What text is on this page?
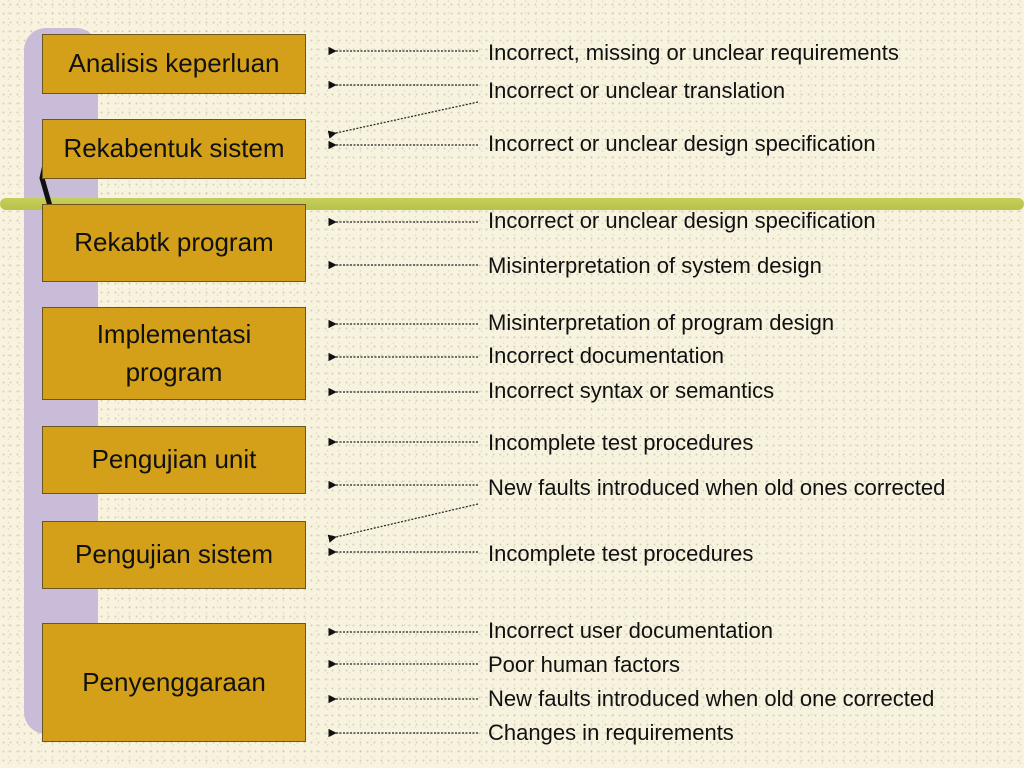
Analisis keperluan
Rekabentuk sistem
Rekabtk program
Implementasi program
Pengujian unit
Pengujian sistem
Penyenggaraan
Incorrect, missing or unclear requirements
Incorrect or unclear translation
Incorrect or unclear design specification
Incorrect or unclear design specification
Misinterpretation of system design
Misinterpretation of program design
Incorrect documentation
Incorrect syntax or semantics
Incomplete test procedures
New faults introduced when old ones corrected
Incomplete test procedures
Incorrect user documentation
Poor human factors
New faults introduced when old one corrected
Changes in requirements
